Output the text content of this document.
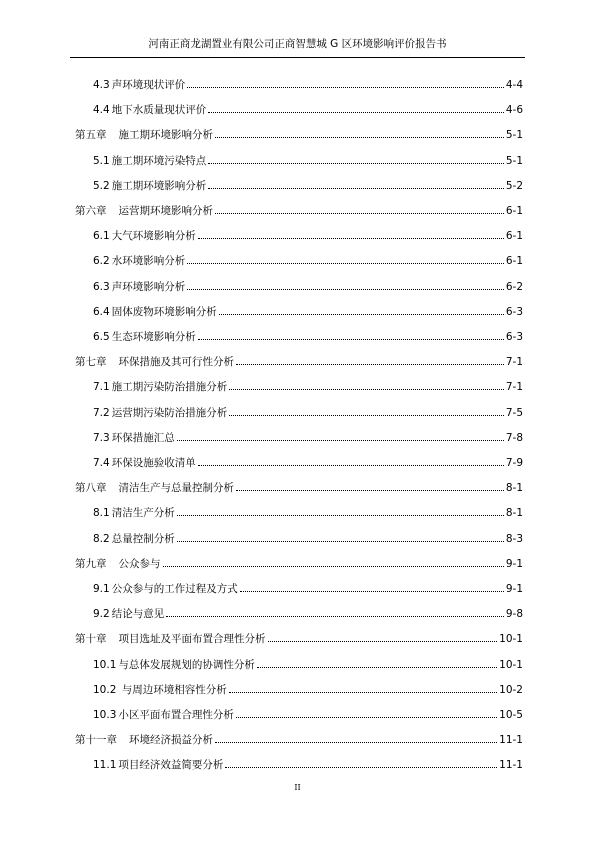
河南正商龙湖置业有限公司正商智慧城 G 区环境影响评价报告书
4.3 声环境现状评价	4-4
4.4 地下水质量现状评价	4-6
第五章 施工期环境影响分析	5-1
5.1 施工期环境污染特点	5-1
5.2 施工期环境影响分析	5-2
第六章 运营期环境影响分析	6-1
6.1 大气环境影响分析	6-1
6.2 水环境影响分析	6-1
6.3 声环境影响分析	6-2
6.4 固体废物环境影响分析	6-3
6.5 生态环境影响分析	6-3
第七章 环保措施及其可行性分析	7-1
7.1 施工期污染防治措施分析	7-1
7.2 运营期污染防治措施分析	7-5
7.3 环保措施汇总	7-8
7.4 环保设施验收清单	7-9
第八章 清洁生产与总量控制分析	8-1
8.1 清洁生产分析	8-1
8.2 总量控制分析	8-3
第九章 公众参与	9-1
9.1 公众参与的工作过程及方式	9-1
9.2 结论与意见	9-8
第十章 项目选址及平面布置合理性分析	10-1
10.1 与总体发展规划的协调性分析	10-1
10.2 与周边环境相容性分析	10-2
10.3 小区平面布置合理性分析	10-5
第十一章 环境经济损益分析	11-1
11.1 项目经济效益简要分析	11-1
II
